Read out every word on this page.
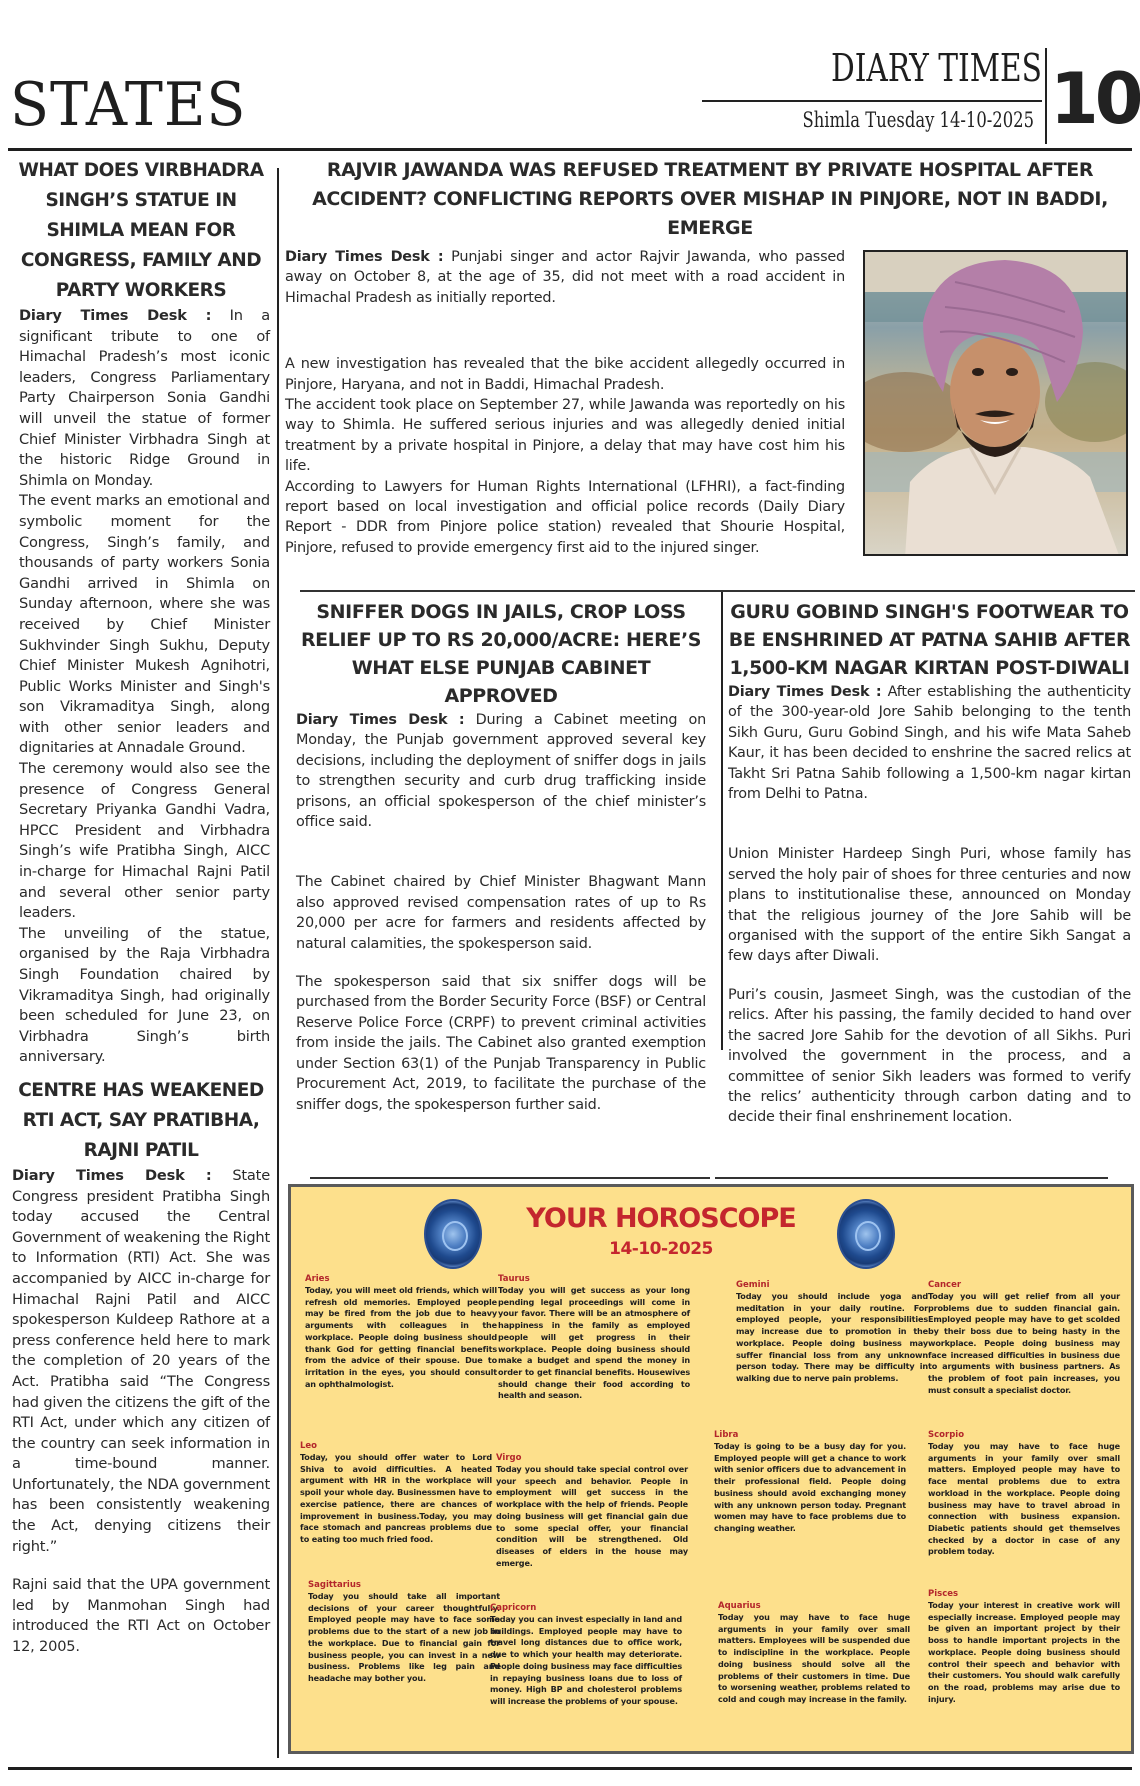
STATES
DIARY TIMES
Shimla Tuesday 14-10-2025 10
WHAT DOES VIRBHADRA SINGH’S STATUE IN SHIMLA MEAN FOR CONGRESS, FAMILY AND PARTY WORKERS

Diary Times Desk : In a significant tribute to one of Himachal Pradesh’s most iconic leaders, Congress Parliamentary Party Chairperson Sonia Gandhi will unveil the statue of former Chief Minister Virbhadra Singh at the historic Ridge Ground in Shimla on Monday.

The event marks an emotional and symbolic moment for the Congress, Singh’s family, and thousands of party workers Sonia Gandhi arrived in Shimla on Sunday afternoon, where she was received by Chief Minister Sukhvinder Singh Sukhu, Deputy Chief Minister Mukesh Agnihotri, Public Works Minister and Singh's son Vikramaditya Singh, along with other senior leaders and dignitaries at Annadale Ground.

The ceremony would also see the presence of Congress General Secretary Priyanka Gandhi Vadra, HPCC President and Virbhadra Singh’s wife Pratibha Singh, AICC in-charge for Himachal Rajni Patil and several other senior party leaders.

The unveiling of the statue, organised by the Raja Virbhadra Singh Foundation chaired by Vikramaditya Singh, had originally been scheduled for June 23, on Virbhadra Singh’s birth anniversary.

CENTRE HAS WEAKENED RTI ACT, SAY PRATIBHA, RAJNI PATIL

Diary Times Desk : State Congress president Pratibha Singh today accused the Central Government of weakening the Right to Information (RTI) Act. She was accompanied by AICC in-charge for Himachal Rajni Patil and AICC spokesperson Kuldeep Rathore at a press conference held here to mark the completion of 20 years of the Act. Pratibha said “The Congress had given the citizens the gift of the RTI Act, under which any citizen of the country can seek information in a time-bound manner. Unfortunately, the NDA government has been consistently weakening the Act, denying citizens their right.”

Rajni said that the UPA government led by Manmohan Singh had introduced the RTI Act on October 12, 2005.

RAJVIR JAWANDA WAS REFUSED TREATMENT BY PRIVATE HOSPITAL AFTER ACCIDENT? CONFLICTING REPORTS OVER MISHAP IN PINJORE, NOT IN BADDI, EMERGE

Diary Times Desk : Punjabi singer and actor Rajvir Jawanda, who passed away on October 8, at the age of 35, did not meet with a road accident in Himachal Pradesh as initially reported.

A new investigation has revealed that the bike accident allegedly occurred in Pinjore, Haryana, and not in Baddi, Himachal Pradesh.

The accident took place on September 27, while Jawanda was reportedly on his way to Shimla. He suffered serious injuries and was allegedly denied initial treatment by a private hospital in Pinjore, a delay that may have cost him his life.

According to Lawyers for Human Rights International (LFHRI), a fact-finding report based on local investigation and official police records (Daily Diary Report - DDR from Pinjore police station) revealed that Shourie Hospital, Pinjore, refused to provide emergency first aid to the injured singer.

SNIFFER DOGS IN JAILS, CROP LOSS RELIEF UP TO RS 20,000/ACRE: HERE’S WHAT ELSE PUNJAB CABINET APPROVED

Diary Times Desk : During a Cabinet meeting on Monday, the Punjab government approved several key decisions, including the deployment of sniffer dogs in jails to strengthen security and curb drug trafficking inside prisons, an official spokesperson of the chief minister’s office said.

The Cabinet chaired by Chief Minister Bhagwant Mann also approved revised compensation rates of up to Rs 20,000 per acre for farmers and residents affected by natural calamities, the spokesperson said.

The spokesperson said that six sniffer dogs will be purchased from the Border Security Force (BSF) or Central Reserve Police Force (CRPF) to prevent criminal activities from inside the jails. The Cabinet also granted exemption under Section 63(1) of the Punjab Transparency in Public Procurement Act, 2019, to facilitate the purchase of the sniffer dogs, the spokesperson further said.

GURU GOBIND SINGH'S FOOTWEAR TO BE ENSHRINED AT PATNA SAHIB AFTER 1,500-KM NAGAR KIRTAN POST-DIWALI

Diary Times Desk : After establishing the authenticity of the 300-year-old Jore Sahib belonging to the tenth Sikh Guru, Guru Gobind Singh, and his wife Mata Saheb Kaur, it has been decided to enshrine the sacred relics at Takht Sri Patna Sahib following a 1,500-km nagar kirtan from Delhi to Patna.

Union Minister Hardeep Singh Puri, whose family has served the holy pair of shoes for three centuries and now plans to institutionalise these, announced on Monday that the religious journey of the Jore Sahib will be organised with the support of the entire Sikh Sangat a few days after Diwali.

Puri’s cousin, Jasmeet Singh, was the custodian of the relics. After his passing, the family decided to hand over the sacred Jore Sahib for the devotion of all Sikhs. Puri involved the government in the process, and a committee of senior Sikh leaders was formed to verify the relics’ authenticity through carbon dating and to decide their final enshrinement location.

YOUR HOROSCOPE
14-10-2025
Aries
Today, you will meet old friends, which will refresh old memories. Employed people may be fired from the job due to heavy arguments with colleagues in the workplace. People doing business should thank God for getting financial benefits from the advice of their spouse. Due to irritation in the eyes, you should consult an ophthalmologist.
Taurus
Today you will get success as your long pending legal proceedings will come in your favor. There will be an atmosphere of happiness in the family as employed people will get progress in their workplace. People doing business should make a budget and spend the money in order to get financial benefits. Housewives should change their food according to health and season.
Gemini
Today you should include yoga and meditation in your daily routine. For employed people, your responsibilities may increase due to promotion in the workplace. People doing business may suffer financial loss from any unknown person today. There may be difficulty in walking due to nerve pain problems.
Cancer
Today you will get relief from all your problems due to sudden financial gain. Employed people may have to get scolded by their boss due to being hasty in the workplace. People doing business may face increased difficulties in business due to arguments with business partners. As the problem of foot pain increases, you must consult a specialist doctor.
Leo
Today, you should offer water to Lord Shiva to avoid difficulties. A heated argument with HR in the workplace will spoil your whole day. Businessmen have to exercise patience, there are chances of improvement in business.Today, you may face stomach and pancreas problems due to eating too much fried food.
Virgo
Today you should take special control over your speech and behavior. People in employment will get success in the workplace with the help of friends. People doing business will get financial gain due to some special offer, your financial condition will be strengthened. Old diseases of elders in the house may emerge.
Libra
Today is going to be a busy day for you. Employed people will get a chance to work with senior officers due to advancement in their professional field. People doing business should avoid exchanging money with any unknown person today. Pregnant women may have to face problems due to changing weather.
Scorpio
Today you may have to face huge arguments in your family over small matters. Employed people may have to face mental problems due to extra workload in the workplace. People doing business may have to travel abroad in connection with business expansion. Diabetic patients should get themselves checked by a doctor in case of any problem today.
Sagittarius
Today you should take all important decisions of your career thoughtfully. Employed people may have to face some problems due to the start of a new job in the workplace. Due to financial gain for business people, you can invest in a new business. Problems like leg pain and headache may bother you.
Capricorn
Today you can invest especially in land and buildings. Employed people may have to travel long distances due to office work, due to which your health may deteriorate. People doing business may face difficulties in repaying business loans due to loss of money. High BP and cholesterol problems will increase the problems of your spouse.
Aquarius
Today you may have to face huge arguments in your family over small matters. Employees will be suspended due to indiscipline in the workplace. People doing business should solve all the problems of their customers in time. Due to worsening weather, problems related to cold and cough may increase in the family.
Pisces
Today your interest in creative work will especially increase. Employed people may be given an important project by their boss to handle important projects in the workplace. People doing business should control their speech and behavior with their customers. You should walk carefully on the road, problems may arise due to injury.
